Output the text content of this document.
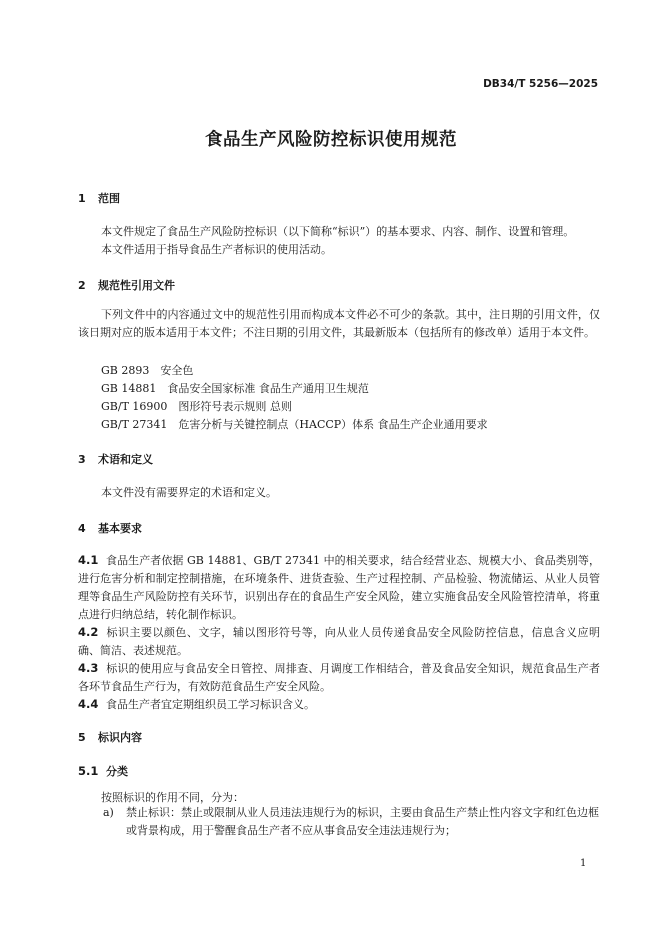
DB34/T 5256—2025
食品生产风险防控标识使用规范
1 范围
本文件规定了食品生产风险防控标识（以下简称“标识”）的基本要求、内容、制作、设置和管理。
本文件适用于指导食品生产者标识的使用活动。
2 规范性引用文件
下列文件中的内容通过文中的规范性引用而构成本文件必不可少的条款。其中，注日期的引用文件，仅该日期对应的版本适用于本文件；不注日期的引用文件，其最新版本（包括所有的修改单）适用于本文件。
GB 2893　安全色
GB 14881　食品安全国家标准 食品生产通用卫生规范
GB/T 16900　图形符号表示规则 总则
GB/T 27341　危害分析与关键控制点（HACCP）体系 食品生产企业通用要求
3 术语和定义
本文件没有需要界定的术语和定义。
4 基本要求
4.1 食品生产者依据 GB 14881、GB/T 27341 中的相关要求，结合经营业态、规模大小、食品类别等，进行危害分析和制定控制措施，在环境条件、进货查验、生产过程控制、产品检验、物流储运、从业人员管理等食品生产风险防控有关环节，识别出存在的食品生产安全风险，建立实施食品安全风险管控清单，将重点进行归纳总结，转化制作标识。
4.2 标识主要以颜色、文字，辅以图形符号等，向从业人员传递食品安全风险防控信息，信息含义应明确、简洁、表述规范。
4.3 标识的使用应与食品安全日管控、周排查、月调度工作相结合，普及食品安全知识，规范食品生产者各环节食品生产行为，有效防范食品生产安全风险。
4.4 食品生产者宜定期组织员工学习标识含义。
5 标识内容
5.1 分类
按照标识的作用不同，分为：
a)	禁止标识：禁止或限制从业人员违法违规行为的标识，主要由食品生产禁止性内容文字和红色边框或背景构成，用于警醒食品生产者不应从事食品安全违法违规行为；
1
